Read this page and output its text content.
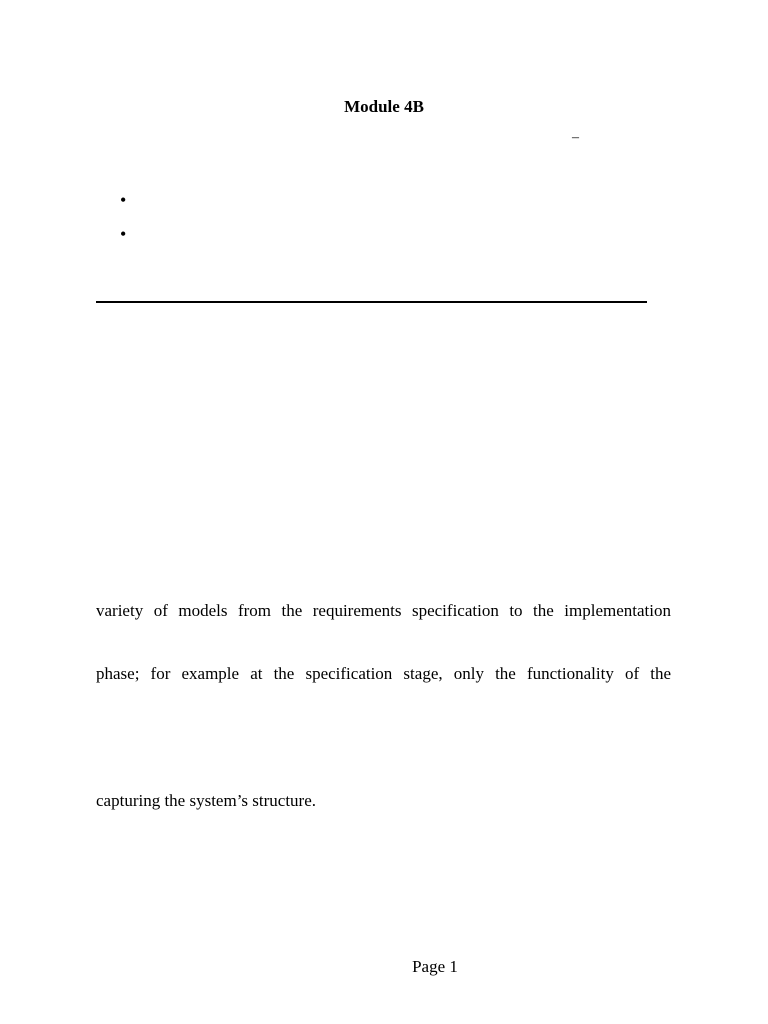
Module 4B
–
•
•
variety of models from the requirements specification to the implementation
phase; for example at the specification stage, only the functionality of the
capturing the system’s structure.
Page 1
